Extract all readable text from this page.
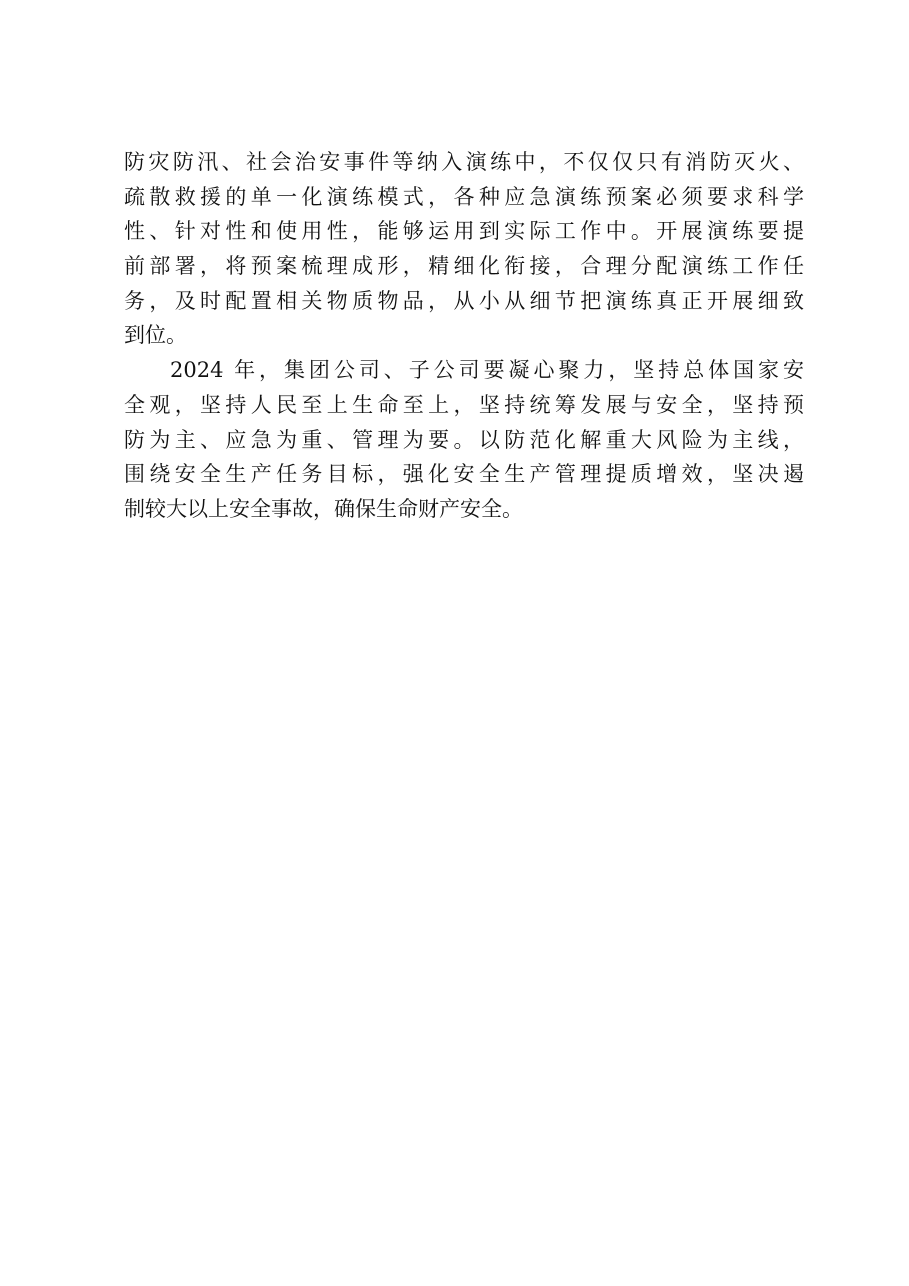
防灾防汛、社会治安事件等纳入演练中，不仅仅只有消防灭火、
疏散救援的单一化演练模式，各种应急演练预案必须要求科学
性、针对性和使用性，能够运用到实际工作中。开展演练要提
前部署，将预案梳理成形，精细化衔接，合理分配演练工作任
务，及时配置相关物质物品，从小从细节把演练真正开展细致
到位。
2024 年，集团公司、子公司要凝心聚力，坚持总体国家安
全观，坚持人民至上生命至上，坚持统筹发展与安全，坚持预
防为主、应急为重、管理为要。以防范化解重大风险为主线，
围绕安全生产任务目标，强化安全生产管理提质增效，坚决遏
制较大以上安全事故，确保生命财产安全。
